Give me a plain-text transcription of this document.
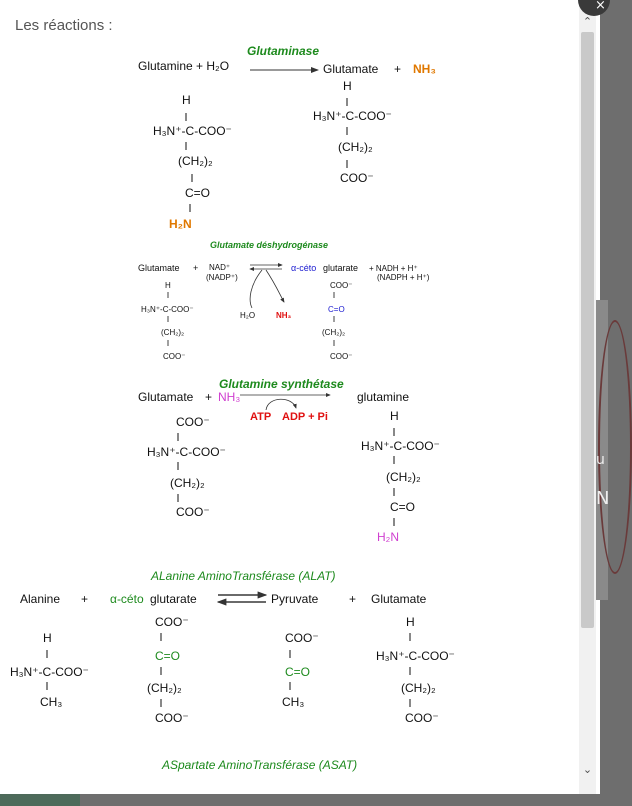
Les réactions :
Glutaminase
Glutamine + H₂O	Glutamate + NH₃
H
H₃N⁺-C-COO⁻
(CH₂)₂
C=O
H₂N
H
H₃N⁺-C-COO⁻
(CH₂)₂
COO⁻
Glutamate déshydrogénase
Glutamate + NAD⁺
(NADP⁺)
H₂O	NH₃
α-céto glutarate + NADH + H⁺
(NADPH + H⁺)
H
H₃N⁺-C-COO⁻
(CH₂)₂
COO⁻
COO⁻
C=O
(CH₂)₂
COO⁻
Glutamine synthétase
Glutamate + NH₃
ATP ADP + Pi
glutamine
COO⁻
H₃N⁺-C-COO⁻
(CH₂)₂
COO⁻
H
H₃N⁺-C-COO⁻
(CH₂)₂
C=O
H₂N
ALanine AminoTransférase (ALAT)
Alanine + α-céto glutarate	Pyruvate	+ Glutamate
H
H₃N⁺-C-COO⁻
CH₃
COO⁻
C=O
(CH₂)₂
COO⁻
COO⁻
C=O
CH₃
H
H₃N⁺-C-COO⁻
(CH₂)₂
COO⁻
ASpartate AminoTransférase (ASAT)
⌃
⌄
u
N
×
